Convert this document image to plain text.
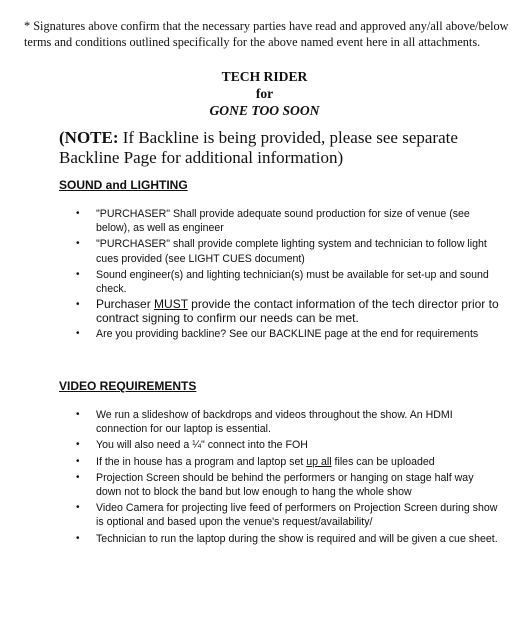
* Signatures above confirm that the necessary parties have read and approved any/all above/below terms and conditions outlined specifically for the above named event here in all attachments.
TECH RIDER
for
GONE TOO SOON
(NOTE: If Backline is being provided, please see separate Backline Page for additional information)
SOUND and LIGHTING
• "PURCHASER" Shall provide adequate sound production for size of venue (see below), as well as engineer
• "PURCHASER" shall provide complete lighting system and technician to follow light cues provided (see LIGHT CUES document)
• Sound engineer(s) and lighting technician(s) must be available for set-up and sound check.
• Purchaser MUST provide the contact information of the tech director prior to contract signing to confirm our needs can be met.
• Are you providing backline? See our BACKLINE page at the end for requirements
VIDEO REQUIREMENTS
• We run a slideshow of backdrops and videos throughout the show. An HDMI connection for our laptop is essential.
• You will also need a ¼" connect into the FOH
• If the in house has a program and laptop set up all files can be uploaded
• Projection Screen should be behind the performers or hanging on stage half way down not to block the band but low enough to hang the whole show
• Video Camera for projecting live feed of performers on Projection Screen during show is optional and based upon the venue's request/availability/
• Technician to run the laptop during the show is required and will be given a cue sheet.
